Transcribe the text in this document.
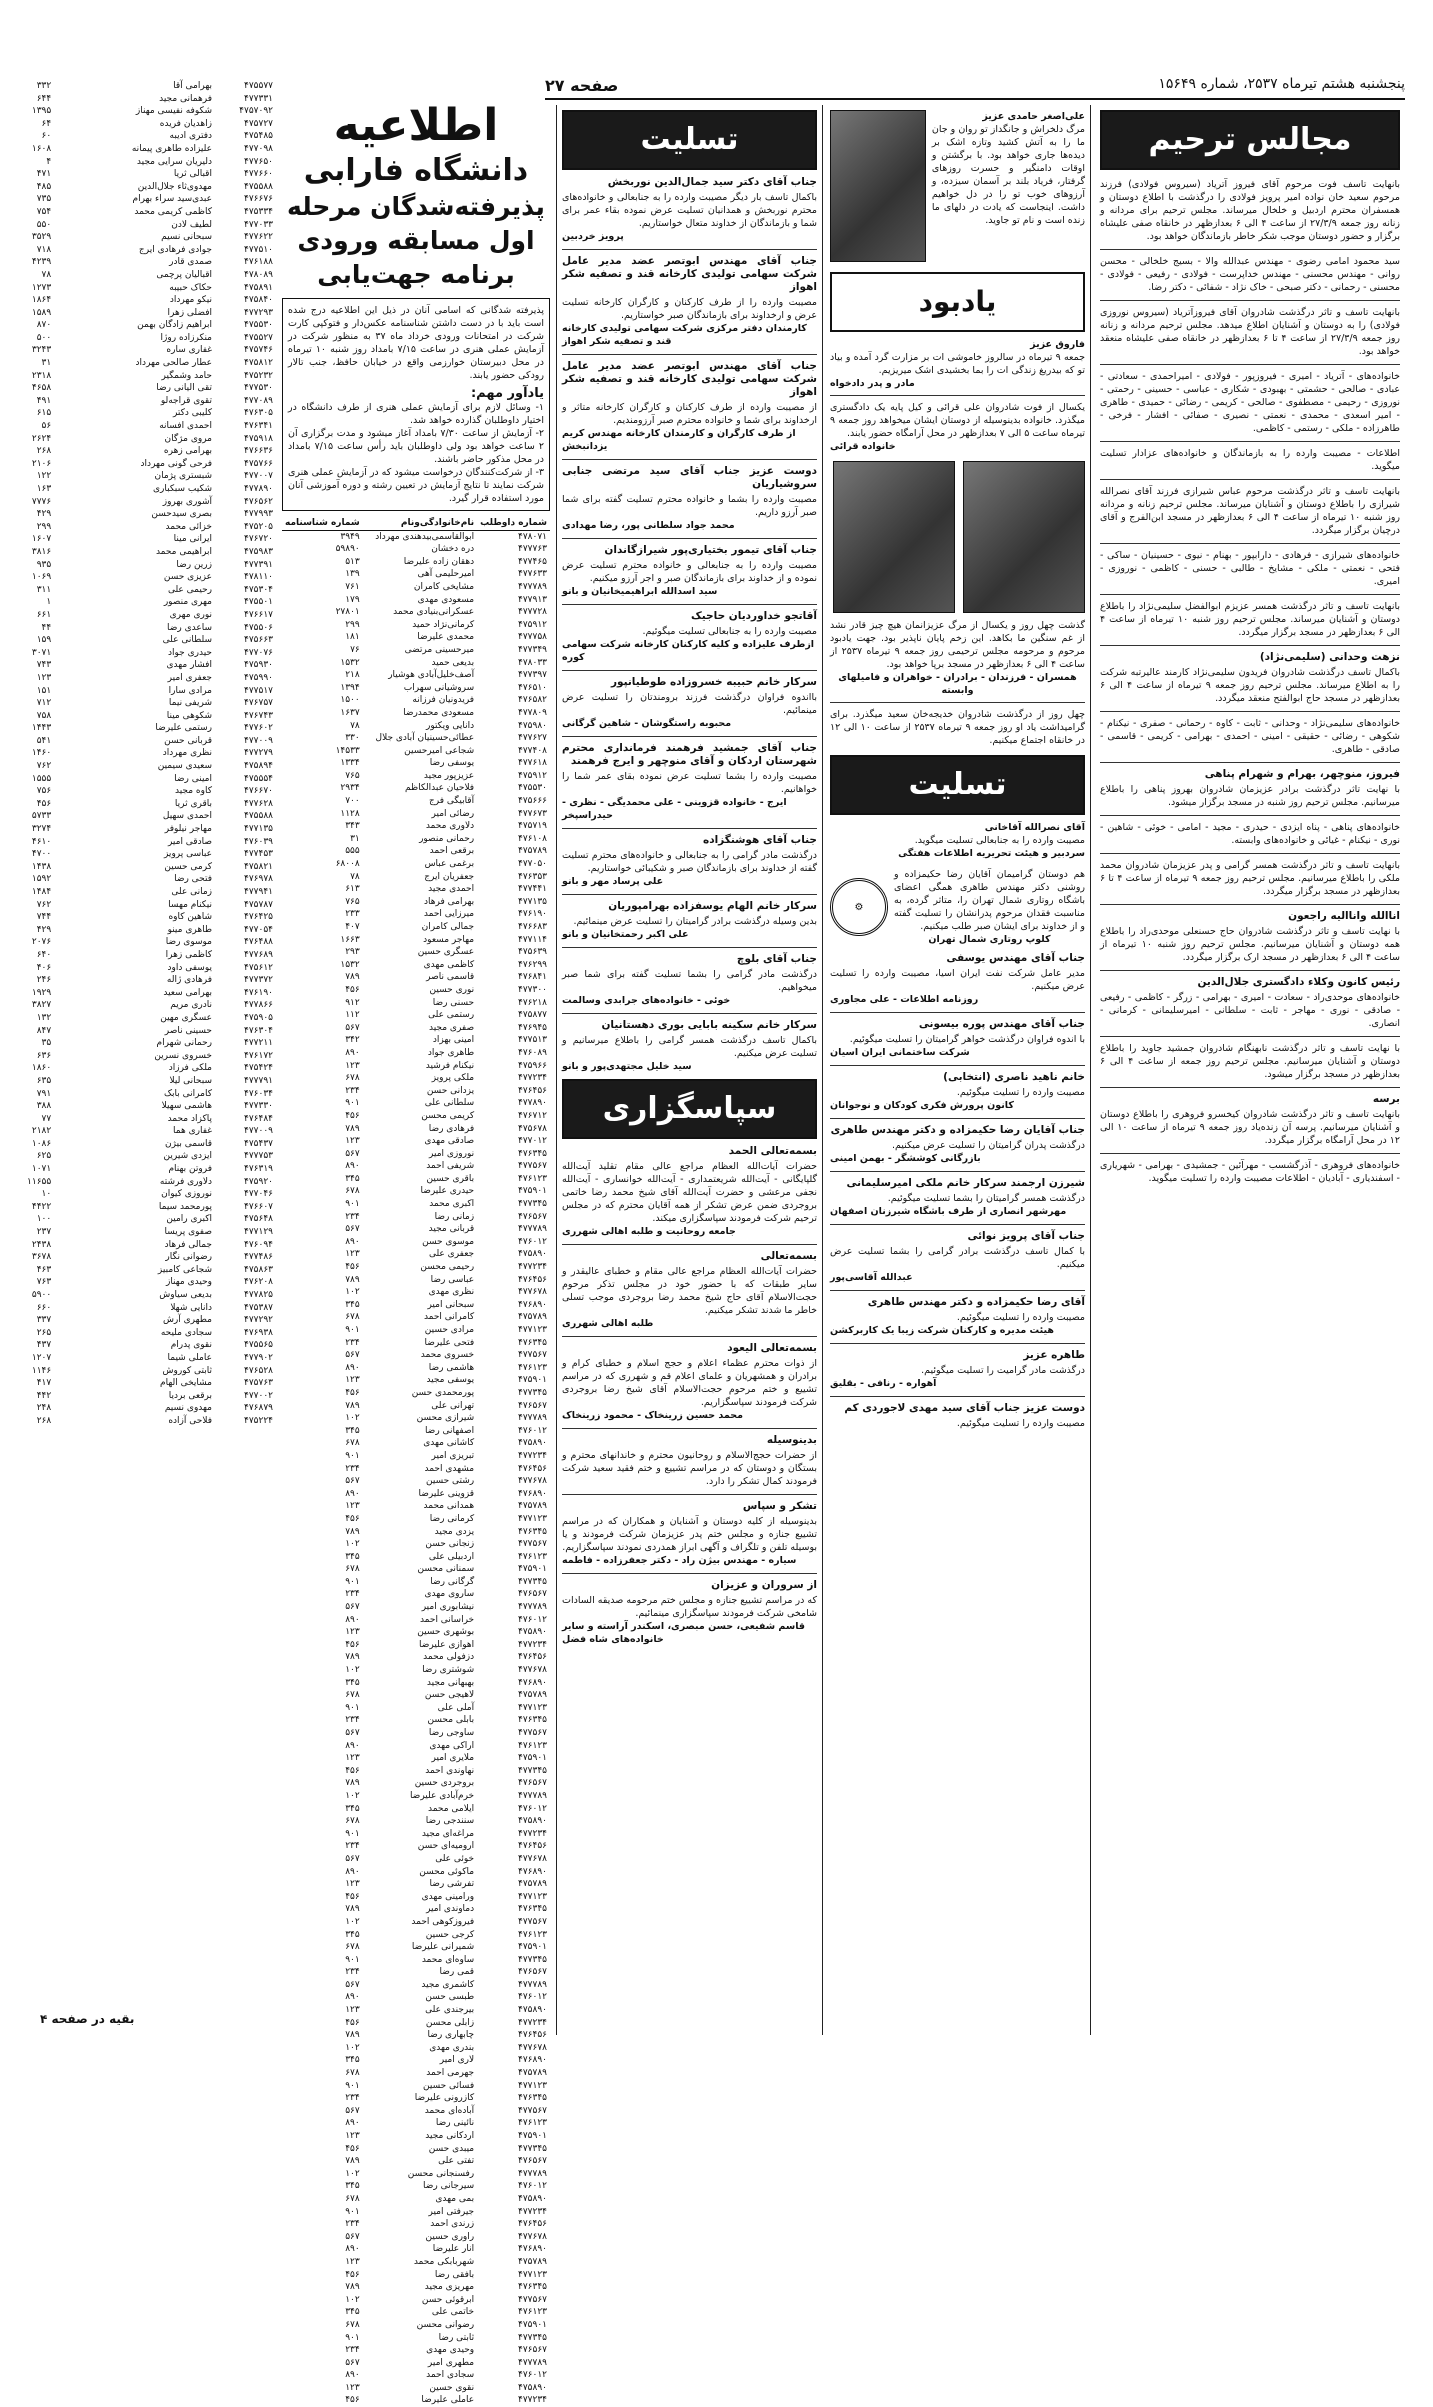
پنجشنبه هشتم تیرماه ۲۵۳۷، شماره ۱۵۶۴۹
صفحه ۲۷
مجالس ترحیم
بانهایت تاسف فوت مرحوم آقای فیروز آتریاد (سیروس فولادی) فرزند مرحوم سعید خان نواده امیر پرویز فولادی را درگذشت با اطلاع دوستان و همسفران محترم اردبیل و خلخال میرساند. مجلس ترحیم برای مردانه و زنانه روز جمعه ۲۷/۳/۹ از ساعت ۴ الی ۶ بعدازظهر در خانقاه صفی علیشاه برگزار و حضور دوستان موجب شکر خاطر بازماندگان خواهد بود.
سید محمود امامی رضوی - مهندس عبدالله والا - بسیج خلخالی - محسن روانی - مهندس محسنی - مهندس خداپرست - فولادی - رفیعی - فولادی - محسنی - رحمانی - دکتر صبحی - خاک نژاد - شفائی - دکتر رضا.
بانهایت تاسف و تاثر درگذشت شادروان آقای فیروزآتریاد (سیروس نوروزی فولادی) را به دوستان و آشنایان اطلاع میدهد. مجلس ترحیم مردانه و زنانه روز جمعه ۲۷/۳/۹ از ساعت ۴ تا ۶ بعدازظهر در خانقاه صفی علیشاه منعقد خواهد بود.
خانواده‌های - آتریاد - امیری - فیروزپور - فولادی - امیراحمدی - سعادتی - عبادی - صالحی - حشمتی - بهبودی - شکاری - عباسی - حسینی - رحمتی - نوروزی - رحیمی - مصطفوی - صالحی - کریمی - رضائی - حمیدی - طاهری - امیر اسعدی - محمدی - نعمتی - نصیری - صفائی - افشار - فرخی - طاهرزاده - ملکی - رستمی - کاظمی.
اطلاعات - مصیبت وارده را به بازماندگان و خانواده‌های عزادار تسلیت میگوید.
بانهایت تاسف و تاثر درگذشت مرحوم عباس شیرازی فرزند آقای نصرالله شیرازی را باطلاع دوستان و آشنایان میرساند. مجلس ترحیم زنانه و مردانه روز شنبه ۱۰ تیرماه از ساعت ۴ الی ۶ بعدازظهر در مسجد ابن‌الفرج و آقای درچیان برگزار میگردد.
خانواده‌های شیرازی - فرهادی - دارابپور - بهنام - نیوی - حسینیان - ساکی - فتحی - نعمتی - ملکی - مشایخ - طالبی - حسنی - کاظمی - نوروزی - امیری.
بانهایت تاسف و تاثر درگذشت همسر عزیزم ابوالفضل سلیمی‌نژاد را باطلاع دوستان و آشنایان میرساند. مجلس ترحیم روز شنبه ۱۰ تیرماه از ساعت ۴ الی ۶ بعدازظهر در مسجد برگزار میگردد.
نزهت وحدانی (سلیمی‌نژاد)
باکمال تاسف درگذشت شادروان فریدون سلیمی‌نژاد کارمند عالیرتبه شرکت را به اطلاع میرساند. مجلس ترحیم روز جمعه ۹ تیرماه از ساعت ۴ الی ۶ بعدازظهر در مسجد حاج ابوالفتح منعقد میگردد.
خانواده‌های سلیمی‌نژاد - وحدانی - ثابت - کاوه - رحمانی - صفری - نیکنام - شکوهی - رضائی - حقیقی - امینی - احمدی - بهرامی - کریمی - قاسمی - صادقی - طاهری.
فیروز، منوچهر، بهرام و شهرام پناهی
با نهایت تاثر درگذشت برادر عزیزمان شادروان بهروز پناهی را باطلاع میرسانیم. مجلس ترحیم روز شنبه در مسجد برگزار میشود.
خانواده‌های پناهی - پناه ایزدی - حیدری - مجید - امامی - خوئی - شاهین - نوری - نیکنام - غیائی و خانواده‌های وابسته.
بانهایت تاسف و تاثر درگذشت همسر گرامی و پدر عزیزمان شادروان محمد ملکی را باطلاع میرسانیم. مجلس ترحیم روز جمعه ۹ تیرماه از ساعت ۴ تا ۶ بعدازظهر در مسجد برگزار میگردد.
اناالله وانااليه راجعون
با نهایت تاسف و تاثر درگذشت شادروان حاج حسنعلی موحدی‌راد را باطلاع همه دوستان و آشنایان میرسانیم. مجلس ترحیم روز شنبه ۱۰ تیرماه از ساعت ۴ الی ۶ بعدازظهر در مسجد ارک برگزار میگردد.
رئیس کانون وکلاء دادگستری جلال‌الدین
خانواده‌های موحدی‌راد - سعادت - امیری - بهرامی - زرگر - کاظمی - رفیعی - صادقی - نوری - مهاجر - ثابت - سلطانی - امیرسلیمانی - کرمانی - انصاری.
با نهایت تاسف و تاثر درگذشت نابهنگام شادروان جمشید جاوید را باطلاع دوستان و آشنایان میرسانیم. مجلس ترحیم روز جمعه از ساعت ۴ الی ۶ بعدازظهر در مسجد برگزار میشود.
برسه
بانهایت تاسف و تاثر درگذشت شادروان کیخسرو فروهری را باطلاع دوستان و آشنایان میرسانیم. پرسه آن زنده‌یاد روز جمعه ۹ تیرماه از ساعت ۱۰ الی ۱۲ در محل آرامگاه برگزار میگردد.
خانواده‌های فروهری - آذرگشسب - مهرآئین - جمشیدی - بهرامی - شهریاری - اسفندیاری - آبادیان - اطلاعات مصیبت وارده را تسلیت میگوید.
علی‌اصغر حامدی عزیز
مرگ دلخراش و جانگداز تو روان و جان ما را به آتش کشید وتازه اشک بر دیده‌ها جاری خواهد بود. با برگشتن و اوقات دامنگیر و حسرت روزهای گرفتار، فریاد بلند بر آسمان سیزده، و آرزوهای خوب تو را در دل خواهیم داشت. اینجاست که یادت در دلهای ما زنده است و نام تو جاوید.
یادبود
فاروق عزیز
جمعه ۹ تیرماه در سالروز خاموشی ات بر مزارت گرد آمده و بیاد تو که بیدریغ زندگی ات را بما بخشیدی اشک میریزیم.
مادر و پدر دادخواه
یکسال از فوت شادروان علی قرائی و کیل پایه یک دادگستری میگذرد. خانواده بدینوسیله از دوستان ایشان میخواهد روز جمعه ۹ تیرماه ساعت ۵ الی ۷ بعدازظهر در محل آرامگاه حضور یابند.
خانواده قرائی
گذشت چهل روز و یکسال از مرگ عزیزانمان هیچ چیز قادر نشد از غم سنگین ما بکاهد. این زخم پایان ناپذیر بود. جهت یادبود مرحوم و مرحومه مجلس ترحیمی روز جمعه ۹ تیرماه ۲۵۳۷ از ساعت ۴ الی ۶ بعدازظهر در مسجد برپا خواهد بود.
همسران - فرزندان - برادران - خواهران و فامیلهای وابسته
چهل روز از درگذشت شادروان خدیجه‌خان سعید میگذرد. برای گرامیداشت یاد او روز جمعه ۹ تیرماه ۲۵۳۷ از ساعت ۱۰ الی ۱۲ در خانقاه اجتماع میکنیم.
تسلیت
آقای نصرالله آقاخانی
مصیبت وارده را به جنابعالی تسلیت میگوید.
سردبیر و هیئت تحریریه اطلاعات هفتگی
هم دوستان گرامیمان آقایان رضا حکیمزاده و روشنی دکتر مهندس طاهری همگی اعضای باشگاه روتاری شمال تهران را، متاثر گرده، به مناسبت فقدان مرحوم پدرانشان را تسلیت گفته و از خداوند برای ایشان صبر طلب میکنیم.
کلوپ روتاری شمال تهران
⚙
جناب آقای مهندس یوسفی
مدیر عامل شرکت نفت ایران اسیا، مصیبت وارده را تسلیت عرض میکنیم.
روزنامه اطلاعات - علی مجاوری
جناب آقای مهندس پوره بیسونی
با اندوه فراوان درگذشت خواهر گرامیتان را تسلیت میگوئیم.
شرکت ساختمانی ایران اسیان
خانم ناهید ناصری (انتخابی)
مصیبت وارده را تسلیت میگوئیم.
کانون پرورش فکری کودکان و نوجوانان
جناب آقایان رضا حکیمزاده و دکتر مهندس طاهری
درگذشت پدران گرامیتان را تسلیت عرض میکنیم.
بازرگانی کوششگر - بهمن امینی
شیرزن ارجمند سرکار خانم ملکی امیرسلیمانی
درگذشت همسر گرامیتان را بشما تسلیت میگوئیم.
مهرشهر انصاری از طرف باشگاه شیرزنان اصفهان
جناب آقای پرویز نوائی
با کمال تاسف درگذشت برادر گرامی را بشما تسلیت عرض میکنیم.
عبدالله آقاسی‌پور
آقای رضا حکیمزاده و دکتر مهندس طاهری
مصیبت وارده را تسلیت میگوئیم.
هیئت مدیره و کارکنان شرکت زیبا یک کاربرکشن
طاهره عزیز
درگذشت مادر گرامیت را تسلیت میگوئیم.
آهواره - رنافی - بقلیق
دوست عزیز جناب آقای سید مهدی لاجوردی کم
مصیبت وارده را تسلیت میگوئیم.
تسلیت
جناب آقای دکتر سید جمال‌الدین نوربخش
باکمال تاسف بار دیگر مصیبت وارده را به جنابعالی و خانواده‌های محترم نوربخش و همدانیان تسلیت عرض نموده بقاء عمر برای شما و بازماندگان از خداوند متعال خواستاریم.
پرویز خردبین
جناب آقای مهندس ابوتصر عضد مدیر عامل شرکت سهامی تولیدی کارخانه قند و تصفیه شکر اهواز
مصیبت وارده را از طرف کارکنان و کارگران کارخانه تسلیت عرض و ارخداوند برای بازماندگان صبر خواستاریم.
کارمندان دفتر مرکزی شرکت سهامی تولیدی کارخانه قند و تصفیه شکر اهواز
جناب آقای مهندس ابوتصر عضد مدیر عامل شرکت سهامی تولیدی کارخانه قند و تصفیه شکر اهواز
از مصیبت وارده از طرف کارکنان و کارگران کارخانه متاثر و ارخداوند برای شما و خانواده محترم صبر آرزومندیم.
از طرف کارگران و کارمندان کارخانه مهندس کریم یزدانبخش
دوست عزیز جناب آقای سید مرتضی جنابی سروشیاریان
مصیبت وارده را بشما و خانواده محترم تسلیت گفته برای شما صبر آرزو داریم.
محمد جواد سلطانی پور، رضا مهدادی
جناب آقای تیمور بختیاری‌پور شیرازگاندان
مصیبت وارده را به جنابعالی و خانواده محترم تسلیت عرض نموده و از خداوند برای بازماندگان صبر و اجر آرزو میکنیم.
سید اسدالله ابراهیمیخانیان و بانو
آقاتجو خداوردیان حاجیک
مصیبت وارده را به جنابعالی تسلیت میگوئیم.
ازطرف علیزاده و کلیه کارکنان کارخانه شرکت سهامی کوره
سرکار خانم حبیبه خسروزاده طوطیانپور
بااندوه فراوان درگذشت فرزند برومندتان را تسلیت عرض مینمائیم.
محبوبه راستگوشان - شاهین گرگانی
جناب آقای جمشید فرهمند فرمانداری محترم شهرستان اردکان و آقای منوچهر و ایرج فرهمند
مصیبت وارده را بشما تسلیت عرض نموده بقای عمر شما را خواهانیم.
ایرج - خانواده قزوینی - علی محمدیگی - نظری - حیدراسپخر
جناب آقای هوشنگزاده
درگذشت مادر گرامی را به جنابعالی و خانواده‌های محترم تسلیت گفته از خداوند برای بازماندگان صبر و شکیبائی خواستاریم.
علی پرساد مهر و بانو
سرکار خانم الهام یوسفزاده بهرامپوریان
بدین وسیله درگذشت برادر گرامیتان را تسلیت عرض مینمائیم.
علی اکبر رحمتخانیان و بانو
جناب آقای بلوچ
درگذشت مادر گرامی را بشما تسلیت گفته برای شما صبر میخواهیم.
خوئی - خانواده‌های جرابدی وسالمت
سرکار خانم سکینه بابایی بوری دهستانیان
باکمال تاسف درگذشت همسر گرامی را باطلاع میرسانیم و تسلیت عرض میکنیم.
سید خلیل مجتهدی‌پور و بانو
سپاسگزاری
بسمه‌تعالی الحمد
حضرات آیات‌الله العظام مراجع عالی مقام تقلید آیت‌الله گلپایگانی - آیت‌الله شریعتمداری - آیت‌الله خوانساری - آیت‌الله نجفی مرعشی و حضرت آیت‌الله آقای شیخ محمد رضا خاتمی بروجردی ضمن عرض تشکر از همه آقایان محترم که در مجلس ترحیم شرکت فرمودند سپاسگزاری میکند.
جامعه روحانیت و طلبه اهالی شهرری
بسمه‌تعالی
حضرات آیات‌الله العظام مراجع عالی مقام و خطبای عالیقدر و سایر طبقات که با حضور خود در مجلس تذکر مرحوم حجت‌الاسلام آقای حاج شیخ محمد رضا بروجردی موجب تسلی خاطر ما شدند تشکر میکنیم.
طلبه اهالی شهرری
بسمه‌تعالی الیعود
از ذوات محترم عظماء اعلام و حجج اسلام و خطبای کرام و برادران و همشهریان و علمای اعلام قم و شهرری که در مراسم تشییع و ختم مرحوم حجت‌الاسلام آقای شیخ رضا بروجردی شرکت فرمودند سپاسگزاریم.
محمد حسین زرینخاک - محمود زرینخاک
بدینوسیله
از حضرات حجج‌الاسلام و روحانیون محترم و خاندانهای محترم و بستگان و دوستان که در مراسم تشییع و ختم فقید سعید شرکت فرمودند کمال تشکر را دارد.
تشکر و سپاس
بدینوسیله از کلیه دوستان و آشنایان و همکاران که در مراسم تشییع جنازه و مجلس ختم پدر عزیزمان شرکت فرمودند و یا بوسیله تلفن و تلگراف و آگهی ابراز همدردی نمودند سپاسگزاریم.
سیاره - مهندس بیژن راد - دکتر جعفرزاده - فاطمه
از سروران و عزیزان
که در مراسم تشییع جنازه و مجلس ختم مرحومه صدیقه السادات شامخی شرکت فرمودند سپاسگزاری مینمائیم.
قاسم شفیعی، حسن مبصری، اسکندر آراسته و سایر خانواده‌های شاه فضل
اطلاعیه
دانشگاه فارابی
پذیرفته‌شدگان مرحله
اول مسابقه ورودی
برنامه جهت‌یابی
پذیرفته شدگانی که اسامی آنان در ذیل این اطلاعیه درج شده است باید با در دست داشتن شناسنامه عکس‌دار و فتوکپی کارت شرکت در امتحانات ورودی خرداد ماه ۳۷ به منظور شرکت در آزمایش عملی هنری در ساعت ۷/۱۵ بامداد روز شنبه ۱۰ تیرماه در محل دبیرستان خوارزمی واقع در خیابان حافظ، جنب تالار رودکی حضور یابند.
یادآور مهم:
۱- وسائل لازم برای آزمایش عملی هنری از طرف دانشگاه در اختیار داوطلبان گذارده خواهد شد.
۲- آزمایش از ساعت ۷/۳۰ بامداد آغاز میشود و مدت برگزاری آن ۲ ساعت خواهد بود ولی داوطلبان باید رأس ساعت ۷/۱۵ بامداد در محل مذکور حاضر باشند.
۳- از شرکت‌کنندگان درخواست میشود که در آزمایش عملی هنری شرکت نمایند تا نتایج آزمایش در تعیین رشته و دوره آموزشی آنان مورد استفاده قرار گیرد.
شماره داوطلب	نام‌خانوادگی‌ونام	شماره شناسنامه
۴۷۸۰۷۱	ابوالقاسمی‌بیدهندی مهرداد	۳۹۴۹
۴۷۷۷۶۳	دره دخشان	۵۹۸۹۰
۴۷۷۴۶۵	دهقان زاده علیرضا	۵۱۳
۴۷۷۶۳۳	امیرحلیمی آهی	۱۳۹
۴۷۷۷۸۹	مشایخی کامران	۷۶۱
۴۷۷۹۱۳	مسعودی مهدی	۱۷۹
۴۷۷۷۲۸	عسکرانی‌بنیادی محمد	۲۷۸۰۱
۴۷۵۹۱۲	کرمانی‌نژاد حمید	۲۹۹
۴۷۷۷۵۸	محمدی علیرضا	۱۸۱
۴۷۷۳۴۹	میرحسینی مرتضی	۷۶
۴۷۸۰۳۳	بدیعی حمید	۱۵۳۲
۴۷۷۳۹۷	آصف‌خلیل‌آبادی هوشیار	۲۱۸
۴۷۶۵۱۰	سروشیانی سهراب	۱۳۹۴
۴۷۶۵۸۲	فریدونیان فرزانه	۱۵۰۰
۴۷۷۸۰۹	مسعودی محمدرضا	۱۶۳۷
۴۷۵۹۸۰	دانایی ویکتور	۷۸
۴۷۷۶۲۷	عطائی‌حسینیان آبادی جلال	۳۳۰
۴۷۷۴۰۸	شجاعی امیرحسین	۱۴۵۳۳
۴۷۷۶۱۸	یوسفی رضا	۱۳۳۴
۴۷۵۹۱۲	عزیزپور مجید	۷۶۵
۴۷۵۵۳۰	فلاحیان عبدالکاظم	۲۹۳۴
۴۷۵۶۶۶	آقابیگی فرج	۷۰۰
۴۷۷۶۷۳	رضائی امیر	۱۱۲۸
۴۷۵۷۱۹	دلاوری محمد	۳۴۳
۴۷۶۱۰۸	رحمانی منصور	۳۱
۴۷۵۷۸۹	برقعی احمد	۵۵۵
۴۷۷۰۵۰	برغمی عباس	۶۸۰۰۸
۴۷۶۳۵۳	جعفریان ایرج	۷۸
۴۷۷۴۴۱	احمدی مجید	۶۱۳
۴۷۷۱۳۵	بهرامی فرهاد	۷۶۵
۴۷۶۱۹۰	میرزایی احمد	۲۳۳
۴۷۶۶۸۳	جمالی کامران	۴۰۷
۴۷۷۱۱۴	مهاجر مسعود	۱۶۶۳
۴۷۵۶۳۹	عسگری حسین	۲۹۳
۴۷۶۲۹۹	کاظمی مهدی	۱۵۳۲
۴۷۶۸۴۱	قاسمی ناصر	۷۸۹
۴۷۷۳۰۰	نوری حسین	۴۵۶
۴۷۶۲۱۸	حسنی رضا	۹۱۲
۴۷۵۸۷۷	رستمی علی	۱۱۲
۴۷۶۹۴۵	صفری مجید	۵۶۷
۴۷۷۵۱۳	امینی بهزاد	۳۴۲
۴۷۶۰۸۹	طاهری جواد	۸۹۰
۴۷۵۹۶۶	نیکنام فرشید	۱۲۳
۴۷۷۲۳۴	ملکی پرویز	۶۷۸
۴۷۶۴۵۶	یزدانی حسن	۲۳۴
۴۷۷۸۹۰	سلطانی علی	۹۰۱
۴۷۶۷۱۲	کریمی محسن	۴۵۶
۴۷۵۶۷۸	فرهادی رضا	۷۸۹
۴۷۷۰۱۲	صادقی مهدی	۱۲۳
۴۷۶۳۴۵	نوروزی امیر	۵۶۷
۴۷۷۵۶۷	شریفی احمد	۸۹۰
۴۷۶۱۲۳	باقری حسین	۳۴۵
۴۷۵۹۰۱	حیدری علیرضا	۶۷۸
۴۷۷۳۴۵	اکبری محمد	۹۰۱
۴۷۶۵۶۷	زمانی رضا	۲۳۴
۴۷۷۷۸۹	قربانی مجید	۵۶۷
۴۷۶۰۱۲	موسوی حسن	۸۹۰
۴۷۵۸۹۰	جعفری علی	۱۲۳
۴۷۷۲۳۴	رحیمی محسن	۴۵۶
۴۷۶۴۵۶	عباسی رضا	۷۸۹
۴۷۷۶۷۸	نظری مهدی	۱۰۲
۴۷۶۸۹۰	سبحانی امیر	۳۴۵
۴۷۵۷۸۹	کامرانی احمد	۶۷۸
۴۷۷۱۲۳	مرادی حسین	۹۰۱
۴۷۶۳۴۵	فتحی علیرضا	۲۳۴
۴۷۷۵۶۷	خسروی محمد	۵۶۷
۴۷۶۱۲۳	هاشمی رضا	۸۹۰
۴۷۵۹۰۱	یوسفی مجید	۱۲۳
۴۷۷۳۴۵	پورمحمدی حسن	۴۵۶
۴۷۶۵۶۷	تهرانی علی	۷۸۹
۴۷۷۷۸۹	شیرازی محسن	۱۰۲
۴۷۶۰۱۲	اصفهانی رضا	۳۴۵
۴۷۵۸۹۰	کاشانی مهدی	۶۷۸
۴۷۷۲۳۴	تبریزی امیر	۹۰۱
۴۷۶۴۵۶	مشهدی احمد	۲۳۴
۴۷۷۶۷۸	رشتی حسین	۵۶۷
۴۷۶۸۹۰	قزوینی علیرضا	۸۹۰
۴۷۵۷۸۹	همدانی محمد	۱۲۳
۴۷۷۱۲۳	کرمانی رضا	۴۵۶
۴۷۶۳۴۵	یزدی مجید	۷۸۹
۴۷۷۵۶۷	زنجانی حسن	۱۰۲
۴۷۶۱۲۳	اردبیلی علی	۳۴۵
۴۷۵۹۰۱	سمنانی محسن	۶۷۸
۴۷۷۳۴۵	گرگانی رضا	۹۰۱
۴۷۶۵۶۷	ساروی مهدی	۲۳۴
۴۷۷۷۸۹	نیشابوری امیر	۵۶۷
۴۷۶۰۱۲	خراسانی احمد	۸۹۰
۴۷۵۸۹۰	بوشهری حسین	۱۲۳
۴۷۷۲۳۴	اهوازی علیرضا	۴۵۶
۴۷۶۴۵۶	دزفولی محمد	۷۸۹
۴۷۷۶۷۸	شوشتری رضا	۱۰۲
۴۷۶۸۹۰	بهبهانی مجید	۳۴۵
۴۷۵۷۸۹	لاهیجی حسن	۶۷۸
۴۷۷۱۲۳	آملی علی	۹۰۱
۴۷۶۳۴۵	بابلی محسن	۲۳۴
۴۷۷۵۶۷	ساوجی رضا	۵۶۷
۴۷۶۱۲۳	اراکی مهدی	۸۹۰
۴۷۵۹۰۱	ملایری امیر	۱۲۳
۴۷۷۳۴۵	نهاوندی احمد	۴۵۶
۴۷۶۵۶۷	بروجردی حسین	۷۸۹
۴۷۷۷۸۹	خرم‌آبادی علیرضا	۱۰۲
۴۷۶۰۱۲	ایلامی محمد	۳۴۵
۴۷۵۸۹۰	سنندجی رضا	۶۷۸
۴۷۷۲۳۴	مراغه‌ای مجید	۹۰۱
۴۷۶۴۵۶	ارومیه‌ای حسن	۲۳۴
۴۷۷۶۷۸	خوئی علی	۵۶۷
۴۷۶۸۹۰	ماکوئی محسن	۸۹۰
۴۷۵۷۸۹	تفرشی رضا	۱۲۳
۴۷۷۱۲۳	ورامینی مهدی	۴۵۶
۴۷۶۳۴۵	دماوندی امیر	۷۸۹
۴۷۷۵۶۷	فیروزکوهی احمد	۱۰۲
۴۷۶۱۲۳	کرجی حسین	۳۴۵
۴۷۵۹۰۱	شمیرانی علیرضا	۶۷۸
۴۷۷۳۴۵	ساوه‌ای محمد	۹۰۱
۴۷۶۵۶۷	قمی رضا	۲۳۴
۴۷۷۷۸۹	کاشمری مجید	۵۶۷
۴۷۶۰۱۲	طبسی حسن	۸۹۰
۴۷۵۸۹۰	بیرجندی علی	۱۲۳
۴۷۷۲۳۴	زابلی محسن	۴۵۶
۴۷۶۴۵۶	چابهاری رضا	۷۸۹
۴۷۷۶۷۸	بندری مهدی	۱۰۲
۴۷۶۸۹۰	لاری امیر	۳۴۵
۴۷۵۷۸۹	جهرمی احمد	۶۷۸
۴۷۷۱۲۳	فسائی حسین	۹۰۱
۴۷۶۳۴۵	کازرونی علیرضا	۲۳۴
۴۷۷۵۶۷	آباده‌ای محمد	۵۶۷
۴۷۶۱۲۳	نائینی رضا	۸۹۰
۴۷۵۹۰۱	اردکانی مجید	۱۲۳
۴۷۷۳۴۵	میبدی حسن	۴۵۶
۴۷۶۵۶۷	تفتی علی	۷۸۹
۴۷۷۷۸۹	رفسنجانی محسن	۱۰۲
۴۷۶۰۱۲	سیرجانی رضا	۳۴۵
۴۷۵۸۹۰	بمی مهدی	۶۷۸
۴۷۷۲۳۴	جیرفتی امیر	۹۰۱
۴۷۶۴۵۶	زرندی احمد	۲۳۴
۴۷۷۶۷۸	راوری حسین	۵۶۷
۴۷۶۸۹۰	انار علیرضا	۸۹۰
۴۷۵۷۸۹	شهربابکی محمد	۱۲۳
۴۷۷۱۲۳	بافقی رضا	۴۵۶
۴۷۶۳۴۵	مهریزی مجید	۷۸۹
۴۷۷۵۶۷	ابرقوئی حسن	۱۰۲
۴۷۶۱۲۳	خاتمی علی	۳۴۵
۴۷۵۹۰۱	رضوانی محسن	۶۷۸
۴۷۷۳۴۵	ثابتی رضا	۹۰۱
۴۷۶۵۶۷	وحیدی مهدی	۲۳۴
۴۷۷۷۸۹	مطهری امیر	۵۶۷
۴۷۶۰۱۲	سجادی احمد	۸۹۰
۴۷۵۸۹۰	نقوی حسین	۱۲۳
۴۷۷۲۳۴	عاملی علیرضا	۴۵۶
۴۷۵۵۷۷	بهرامی آقا	۳۳۲
۴۷۷۳۳۱	فرهمانی مجید	۶۴۴
۴۷۵۷۰۹۲	شکوفه نفیسی مهناز	۱۳۹۵
۴۷۵۷۲۷	زاهدیان فریده	۶۴
۴۷۵۴۸۵	دفتری ادیبه	۶۰
۴۷۷۰۹۸	علیزاده طاهری پیمانه	۱۶۰۸
۴۷۷۶۵۰	دلیریان سرایی مجید	۴
۴۷۷۶۶۰	اقبالی ثریا	۴۷۱
۴۷۵۵۸۸	مهدوی‌ثاء جلال‌الدین	۴۸۵
۴۷۶۶۷۶	عبدی‌سید سراء بهرام	۷۳۵
۴۷۵۳۳۴	کاظمی کریمی محمد	۷۵۴
۴۷۷۰۳۳	لطیف لادن	۵۵۰
۴۷۷۶۲۲	سبحانی نسیم	۳۵۲۹
۴۷۷۵۱۰	جوادی فرهادی ایرج	۷۱۸
۴۷۶۱۸۸	صمدی قادر	۴۲۳۹
۴۷۸۰۸۹	اقبالیان پرچمی	۷۸
۴۷۵۸۹۱	حکاک حبیبه	۱۲۷۳
۴۷۵۸۴۰	نیکو مهرداد	۱۸۶۴
۴۷۷۲۹۳	افضلی زهرا	۱۵۸۹
۴۷۵۵۳۰	ابراهیم زادگان بهمن	۸۷۰
۴۷۵۵۲۷	منکرزاده روژا	۵۰۰
۴۷۵۷۴۶	غفاری ساره	۳۲۴۳
۴۷۵۸۱۲	عطار صالحی مهرداد	۳۱
۴۷۵۲۳۲	حامد وشمگیر	۲۳۱۸
۴۷۷۵۳۰	تقی الیانی رضا	۴۶۵۸
۴۷۷۰۸۹	تقوی قراجه‌لو	۴۹۱
۴۷۶۳۰۵	کلیبی دکتر	۶۱۵
۴۷۶۳۴۱	احمدی افسانه	۵۶
۴۷۵۹۱۸	مروی مژگان	۲۶۲۴
۴۷۶۶۳۶	بهرامی زهره	۲۶۸
۴۷۵۷۶۶	فرحی گونی مهرداد	۲۱۰۶
۴۷۷۰۰۷	شبستری پژمان	۱۲۲
۴۷۷۸۹۰	شکیب سبکباری	۱۶۳
۴۷۶۵۶۲	آشوری بهروز	۷۷۷۶
۴۷۷۹۹۳	بصری سیدحسن	۴۲۹
۴۷۵۲۰۵	خزائی محمد	۲۹۹
۴۷۶۷۲۰	ایرانی مینا	۱۶۰۷
۴۷۵۹۸۳	ابراهیمی محمد	۳۸۱۶
۴۷۷۳۹۱	زرین رضا	۹۳۵
۴۷۸۱۱۰	عزیزی حسن	۱۰۶۹
۴۷۵۳۰۴	رحیمی علی	۳۱۱
۴۷۵۵۰۱	مهری منصور	۱
۴۷۶۶۱۷	نوری مهری	۶۶۱
۴۷۵۵۰۶	ساعدی رضا	۴۴
۴۷۵۶۶۳	سلطانی علی	۱۵۹
۴۷۷۰۷۶	حیدری جواد	۳۰۷۱
۴۷۵۹۳۰	افشار مهدی	۷۴۳
۴۷۵۹۹۰	جعفری امیر	۱۲۳
۴۷۷۵۱۷	مرادی سارا	۱۵۱
۴۷۶۷۵۷	شریفی نیما	۷۱۲
۴۷۶۷۴۳	شکوهی مینا	۷۵۸
۴۷۷۶۰۲	رستمی علیرضا	۱۴۴۳
۴۷۷۰۰۹	قربانی حسن	۵۴۱
۴۷۷۲۷۹	نظری مهرداد	۱۴۶۰
۴۷۵۸۹۴	سعیدی سیمین	۷۶۲
۴۷۵۵۵۴	امینی رضا	۱۵۵۵
۴۷۶۶۷۰	کاوه مجید	۷۵۶
۴۷۷۶۲۸	باقری ثریا	۴۵۶
۴۷۵۵۸۸	احمدی سهیل	۵۷۳۳
۴۷۷۱۳۵	مهاجر نیلوفر	۳۲۷۴
۴۷۶۰۳۹	صادقی امیر	۴۶۱۰
۴۷۷۴۵۳	عباسی پرویز	۴۷۰۰
۴۷۵۸۲۱	کرمی حسین	۱۴۳۸
۴۷۶۹۷۸	فتحی رضا	۱۵۹۲
۴۷۷۹۴۱	زمانی علی	۱۴۸۴
۴۷۵۷۸۷	نیکنام مهسا	۷۶۲
۴۷۶۴۲۵	شاهین کاوه	۷۴۴
۴۷۷۰۵۴	طاهری مینو	۴۲۹
۴۷۶۴۸۸	موسوی رضا	۲۰۷۶
۴۷۷۶۸۹	کاظمی زهرا	۶۴۰
۴۷۵۶۱۲	یوسفی داود	۴۰۶
۴۷۷۳۷۲	فرهادی ژاله	۲۴۶
۴۷۶۱۹۰	بهرامی سعید	۱۹۲۹
۴۷۷۸۶۶	نادری مریم	۳۸۲۷
۴۷۵۹۰۵	عسگری مهین	۱۳۲
۴۷۶۳۰۴	حسینی ناصر	۸۴۷
۴۷۷۲۱۱	رحمانی شهرام	۳۵
۴۷۶۱۷۲	خسروی نسرین	۶۳۶
۴۷۵۴۲۴	ملکی فرزاد	۱۸۶۰
۴۷۷۷۹۱	سبحانی لیلا	۶۳۵
۴۷۶۰۳۴	کامرانی بابک	۷۹۱
۴۷۷۳۳۰	هاشمی سهیلا	۳۸۸
۴۷۶۴۸۴	پاکزاد محمد	۷۷
۴۷۷۰۰۹	غفاری هما	۲۱۸۲
۴۷۵۴۳۷	قاسمی بیژن	۱۰۸۶
۴۷۷۷۵۳	ایزدی شیرین	۶۲۵
۴۷۶۳۱۹	فروتن بهنام	۱۰۷۱
۴۷۵۹۲۰	دلاوری فرشته	۱۱۶۵۵
۴۷۷۰۴۶	نوروزی کیوان	۱۰
۴۷۶۶۰۷	پورمحمد سیما	۴۴۲۲
۴۷۵۶۴۸	اکبری رامین	۱۰۰
۴۷۷۱۲۹	صفوی پریسا	۲۳۷
۴۷۶۰۹۴	جمالی فرهاد	۲۴۳۸
۴۷۷۴۸۶	رضوانی نگار	۳۶۷۸
۴۷۵۸۶۳	شجاعی کامبیز	۴۶۳
۴۷۶۲۰۸	وحیدی مهناز	۷۶۳
۴۷۷۸۲۵	بدیعی سیاوش	۵۹۰۰
۴۷۵۳۸۷	دانایی شهلا	۶۶۰
۴۷۷۲۹۲	مطهری آرش	۳۳۷
۴۷۶۹۳۸	سجادی ملیحه	۲۶۵
۴۷۵۵۶۵	نقوی پدرام	۴۳۷
۴۷۷۹۰۲	عاملی شیما	۱۲۰۷
۴۷۶۵۲۸	ثابتی کوروش	۱۱۴۶
۴۷۵۷۶۳	مشایخی الهام	۴۱۷
۴۷۷۰۰۲	برقعی بردیا	۴۴۲
۴۷۶۸۷۹	مهدوی نسیم	۲۴۸
۴۷۵۲۲۴	فلاحی آزاده	۲۶۸
بقیه در صفحه ۴
